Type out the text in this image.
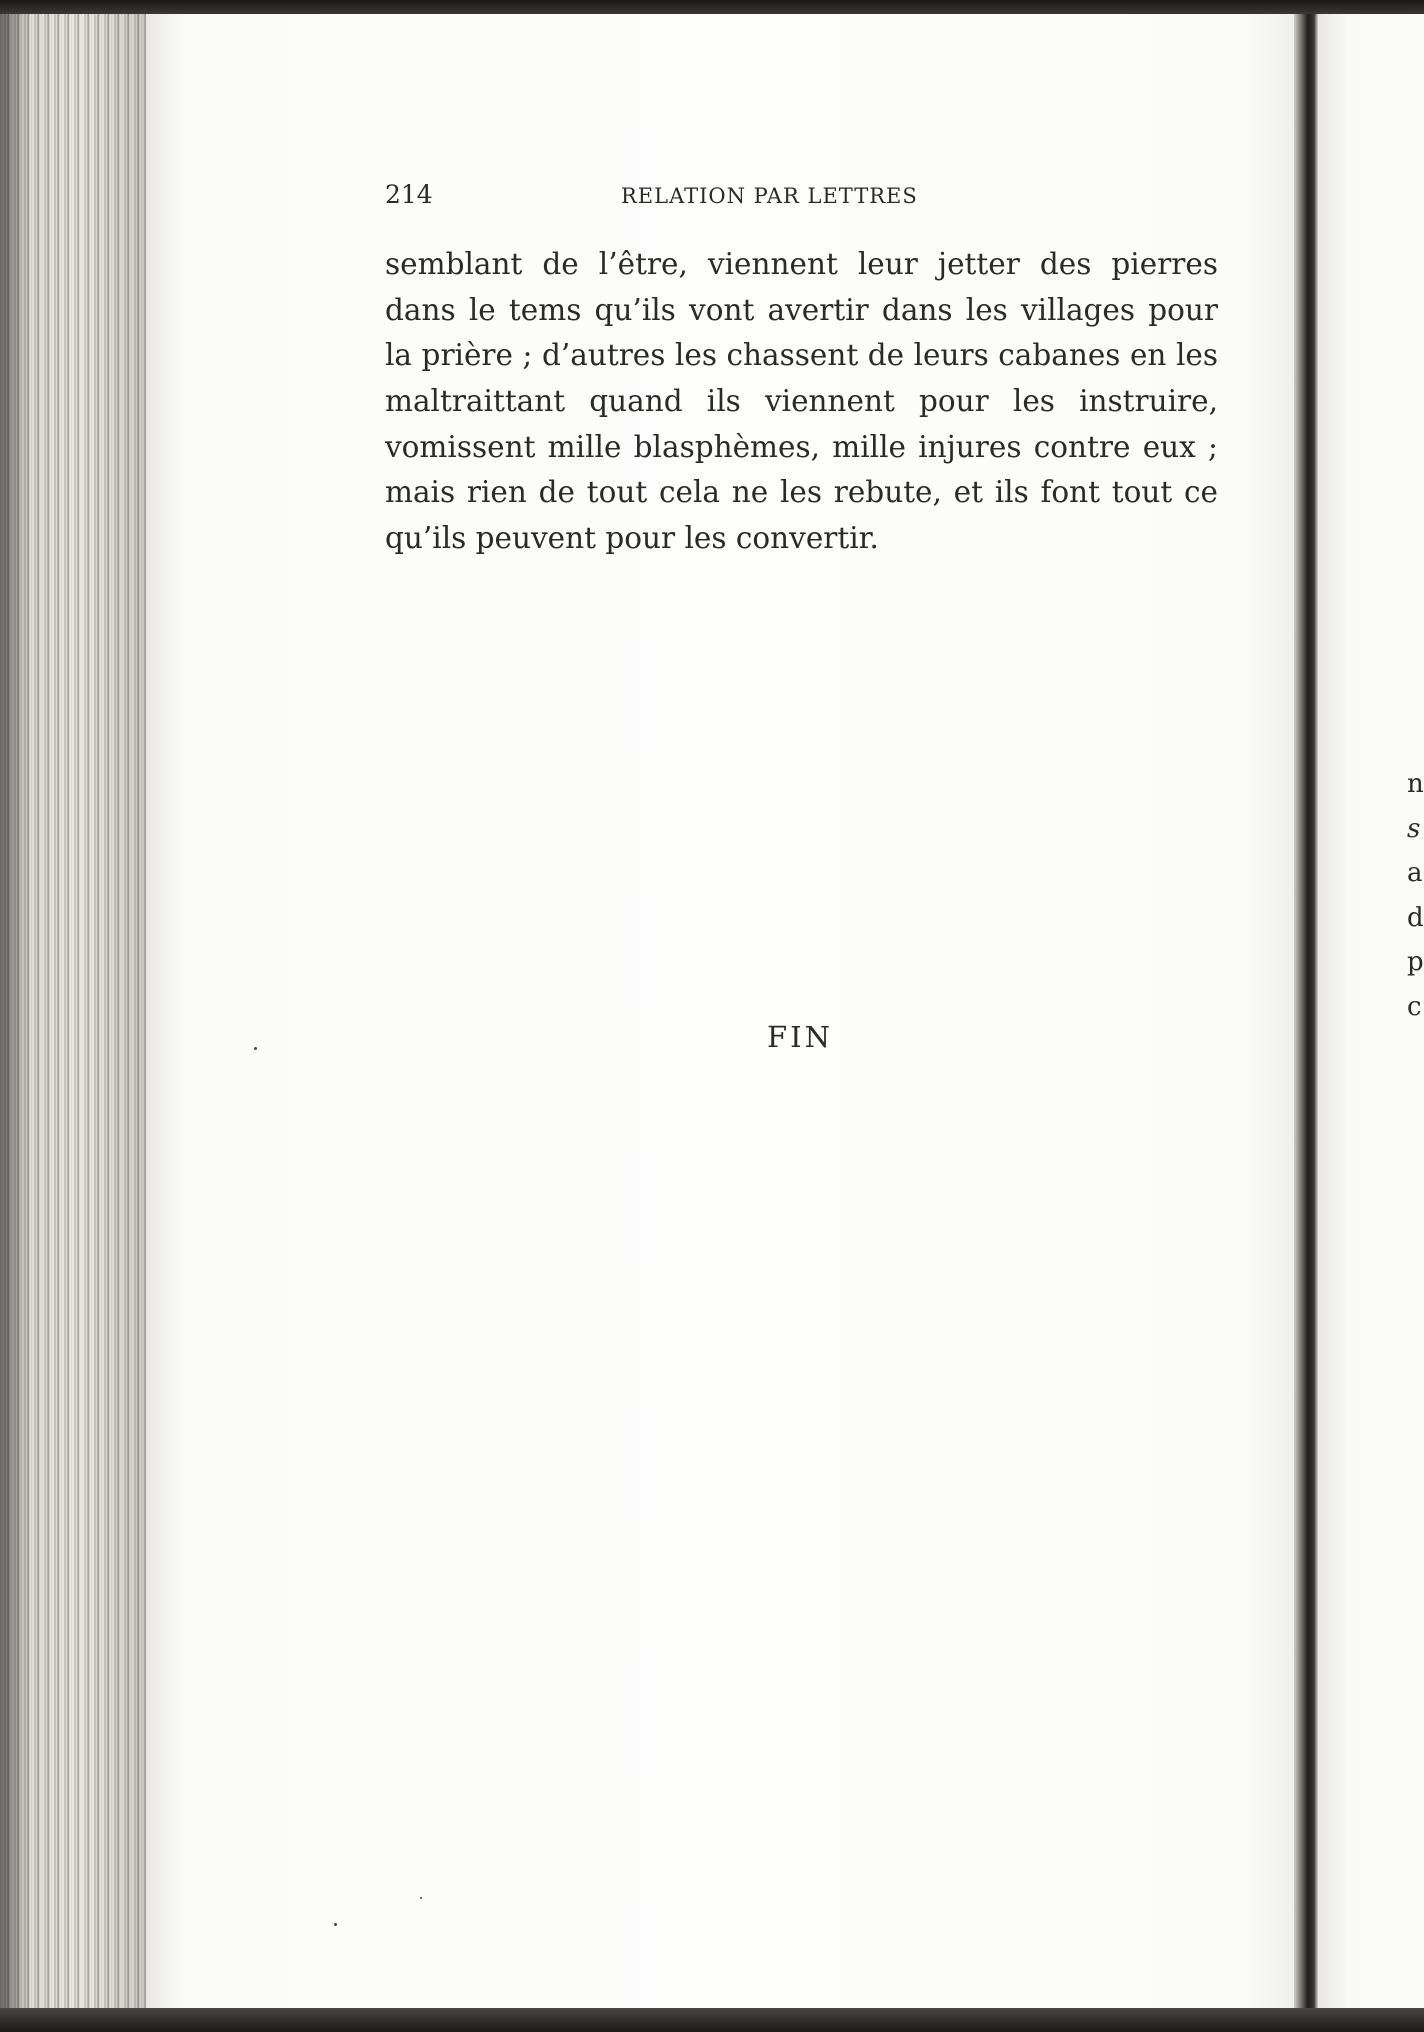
214	RELATION PAR LETTRES

semblant de l’être, viennent leur jetter des pierres
dans le tems qu’ils vont avertir dans les villages pour
la prière ; d’autres les chassent de leurs cabanes en les
maltraittant quand ils viennent pour les instruire,
vomissent mille blasphèmes, mille injures contre eux ;
mais rien de tout cela ne les rebute, et ils font tout ce
qu’ils peuvent pour les convertir.

FIN
n
s
a
d
p
c
